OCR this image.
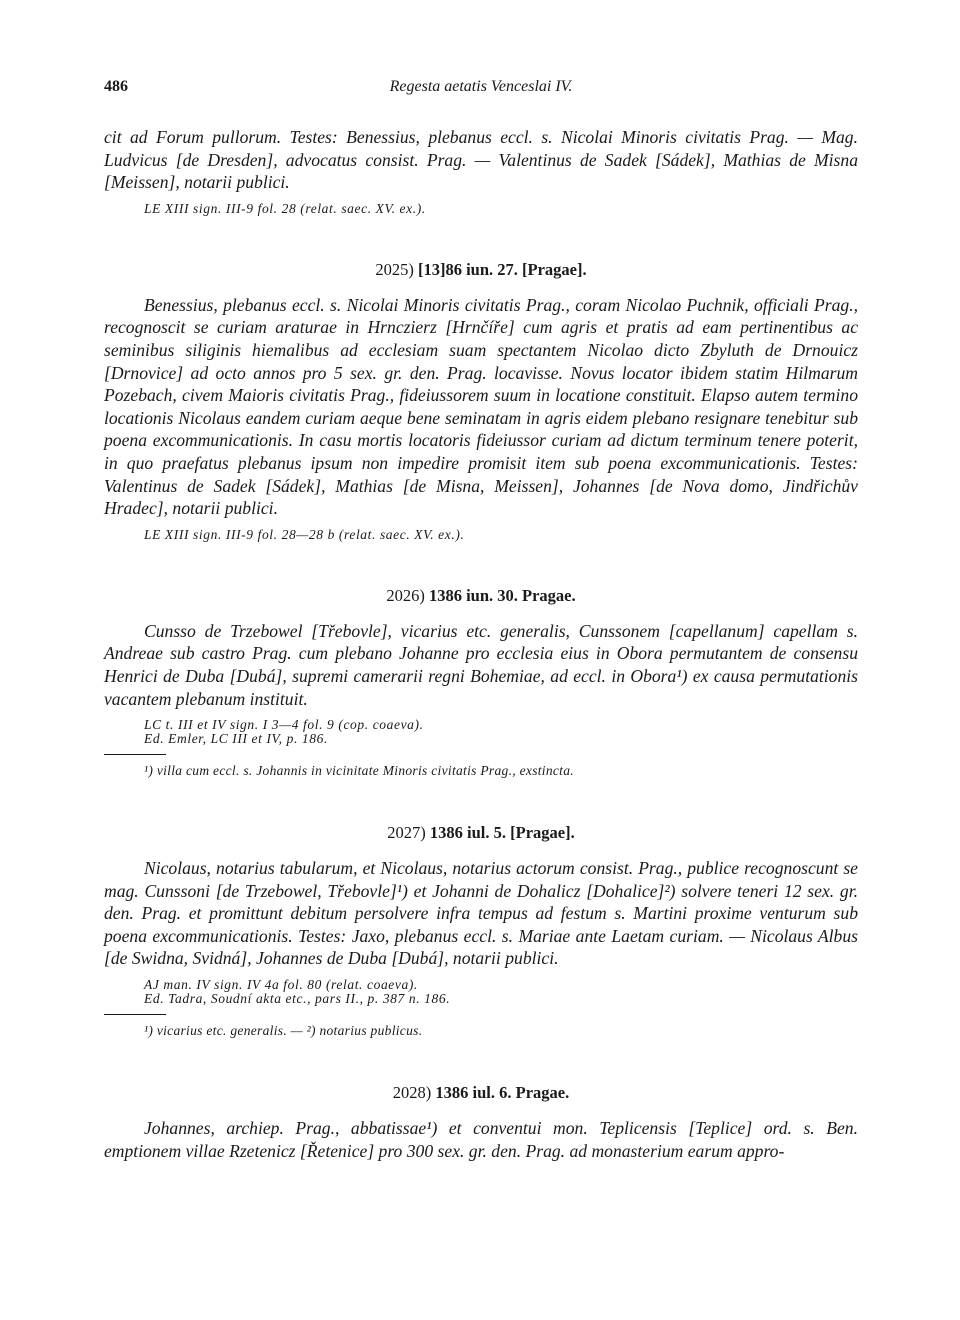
486	Regesta aetatis Venceslai IV.

cit ad Forum pullorum. Testes: Benessius, plebanus eccl. s. Nicolai Minoris civitatis Prag. — Mag. Ludvicus [de Dresden], advocatus consist. Prag. — Valentinus de Sadek [Sádek], Mathias de Misna [Meissen], notarii publici.

LE XIII sign. III-9 fol. 28 (relat. saec. XV. ex.).

2025) [13]86 iun. 27. [Pragae].

Benessius, plebanus eccl. s. Nicolai Minoris civitatis Prag., coram Nicolao Puchnik, officiali Prag., recognoscit se curiam araturae in Hrnczierz [Hrnčíře] cum agris et pratis ad eam pertinentibus ac seminibus siliginis hiemalibus ad ecclesiam suam spectantem Nicolao dicto Zbyluth de Drnouicz [Drnovice] ad octo annos pro 5 sex. gr. den. Prag. locavisse. Novus locator ibidem statim Hilmarum Pozebach, civem Maioris civitatis Prag., fideiussorem suum in locatione constituit. Elapso autem termino locationis Nicolaus eandem curiam aeque bene seminatam in agris eidem plebano resignare tenebitur sub poena excommunicationis. In casu mortis locatoris fideiussor curiam ad dictum terminum tenere poterit, in quo praefatus plebanus ipsum non impedire promisit item sub poena excommunicationis. Testes: Valentinus de Sadek [Sádek], Mathias [de Misna, Meissen], Johannes [de Nova domo, Jindřichův Hradec], notarii publici.

LE XIII sign. III-9 fol. 28—28 b (relat. saec. XV. ex.).

2026) 1386 iun. 30. Pragae.

Cunsso de Trzebowel [Třebovle], vicarius etc. generalis, Cunssonem [capellanum] capellam s. Andreae sub castro Prag. cum plebano Johanne pro ecclesia eius in Obora permutantem de consensu Henrici de Duba [Dubá], supremi camerarii regni Bohemiae, ad eccl. in Obora¹) ex causa permutationis vacantem plebanum instituit.

LC t. III et IV sign. I 3—4 fol. 9 (cop. coaeva).

Ed. Emler, LC III et IV, p. 186.

¹) villa cum eccl. s. Johannis in vicinitate Minoris civitatis Prag., exstincta.

2027) 1386 iul. 5. [Pragae].

Nicolaus, notarius tabularum, et Nicolaus, notarius actorum consist. Prag., publice recognoscunt se mag. Cunssoni [de Trzebowel, Třebovle]¹) et Johanni de Dohalicz [Dohalice]²) solvere teneri 12 sex. gr. den. Prag. et promittunt debitum persolvere infra tempus ad festum s. Martini proxime venturum sub poena excommunicationis. Testes: Jaxo, plebanus eccl. s. Mariae ante Laetam curiam. — Nicolaus Albus [de Swidna, Svidná], Johannes de Duba [Dubá], notarii publici.

AJ man. IV sign. IV 4a fol. 80 (relat. coaeva).

Ed. Tadra, Soudní akta etc., pars II., p. 387 n. 186.

¹) vicarius etc. generalis. — ²) notarius publicus.

2028) 1386 iul. 6. Pragae.

Johannes, archiep. Prag., abbatissae¹) et conventui mon. Teplicensis [Teplice] ord. s. Ben. emptionem villae Rzetenicz [Řetenice] pro 300 sex. gr. den. Prag. ad monasterium earum appro-
